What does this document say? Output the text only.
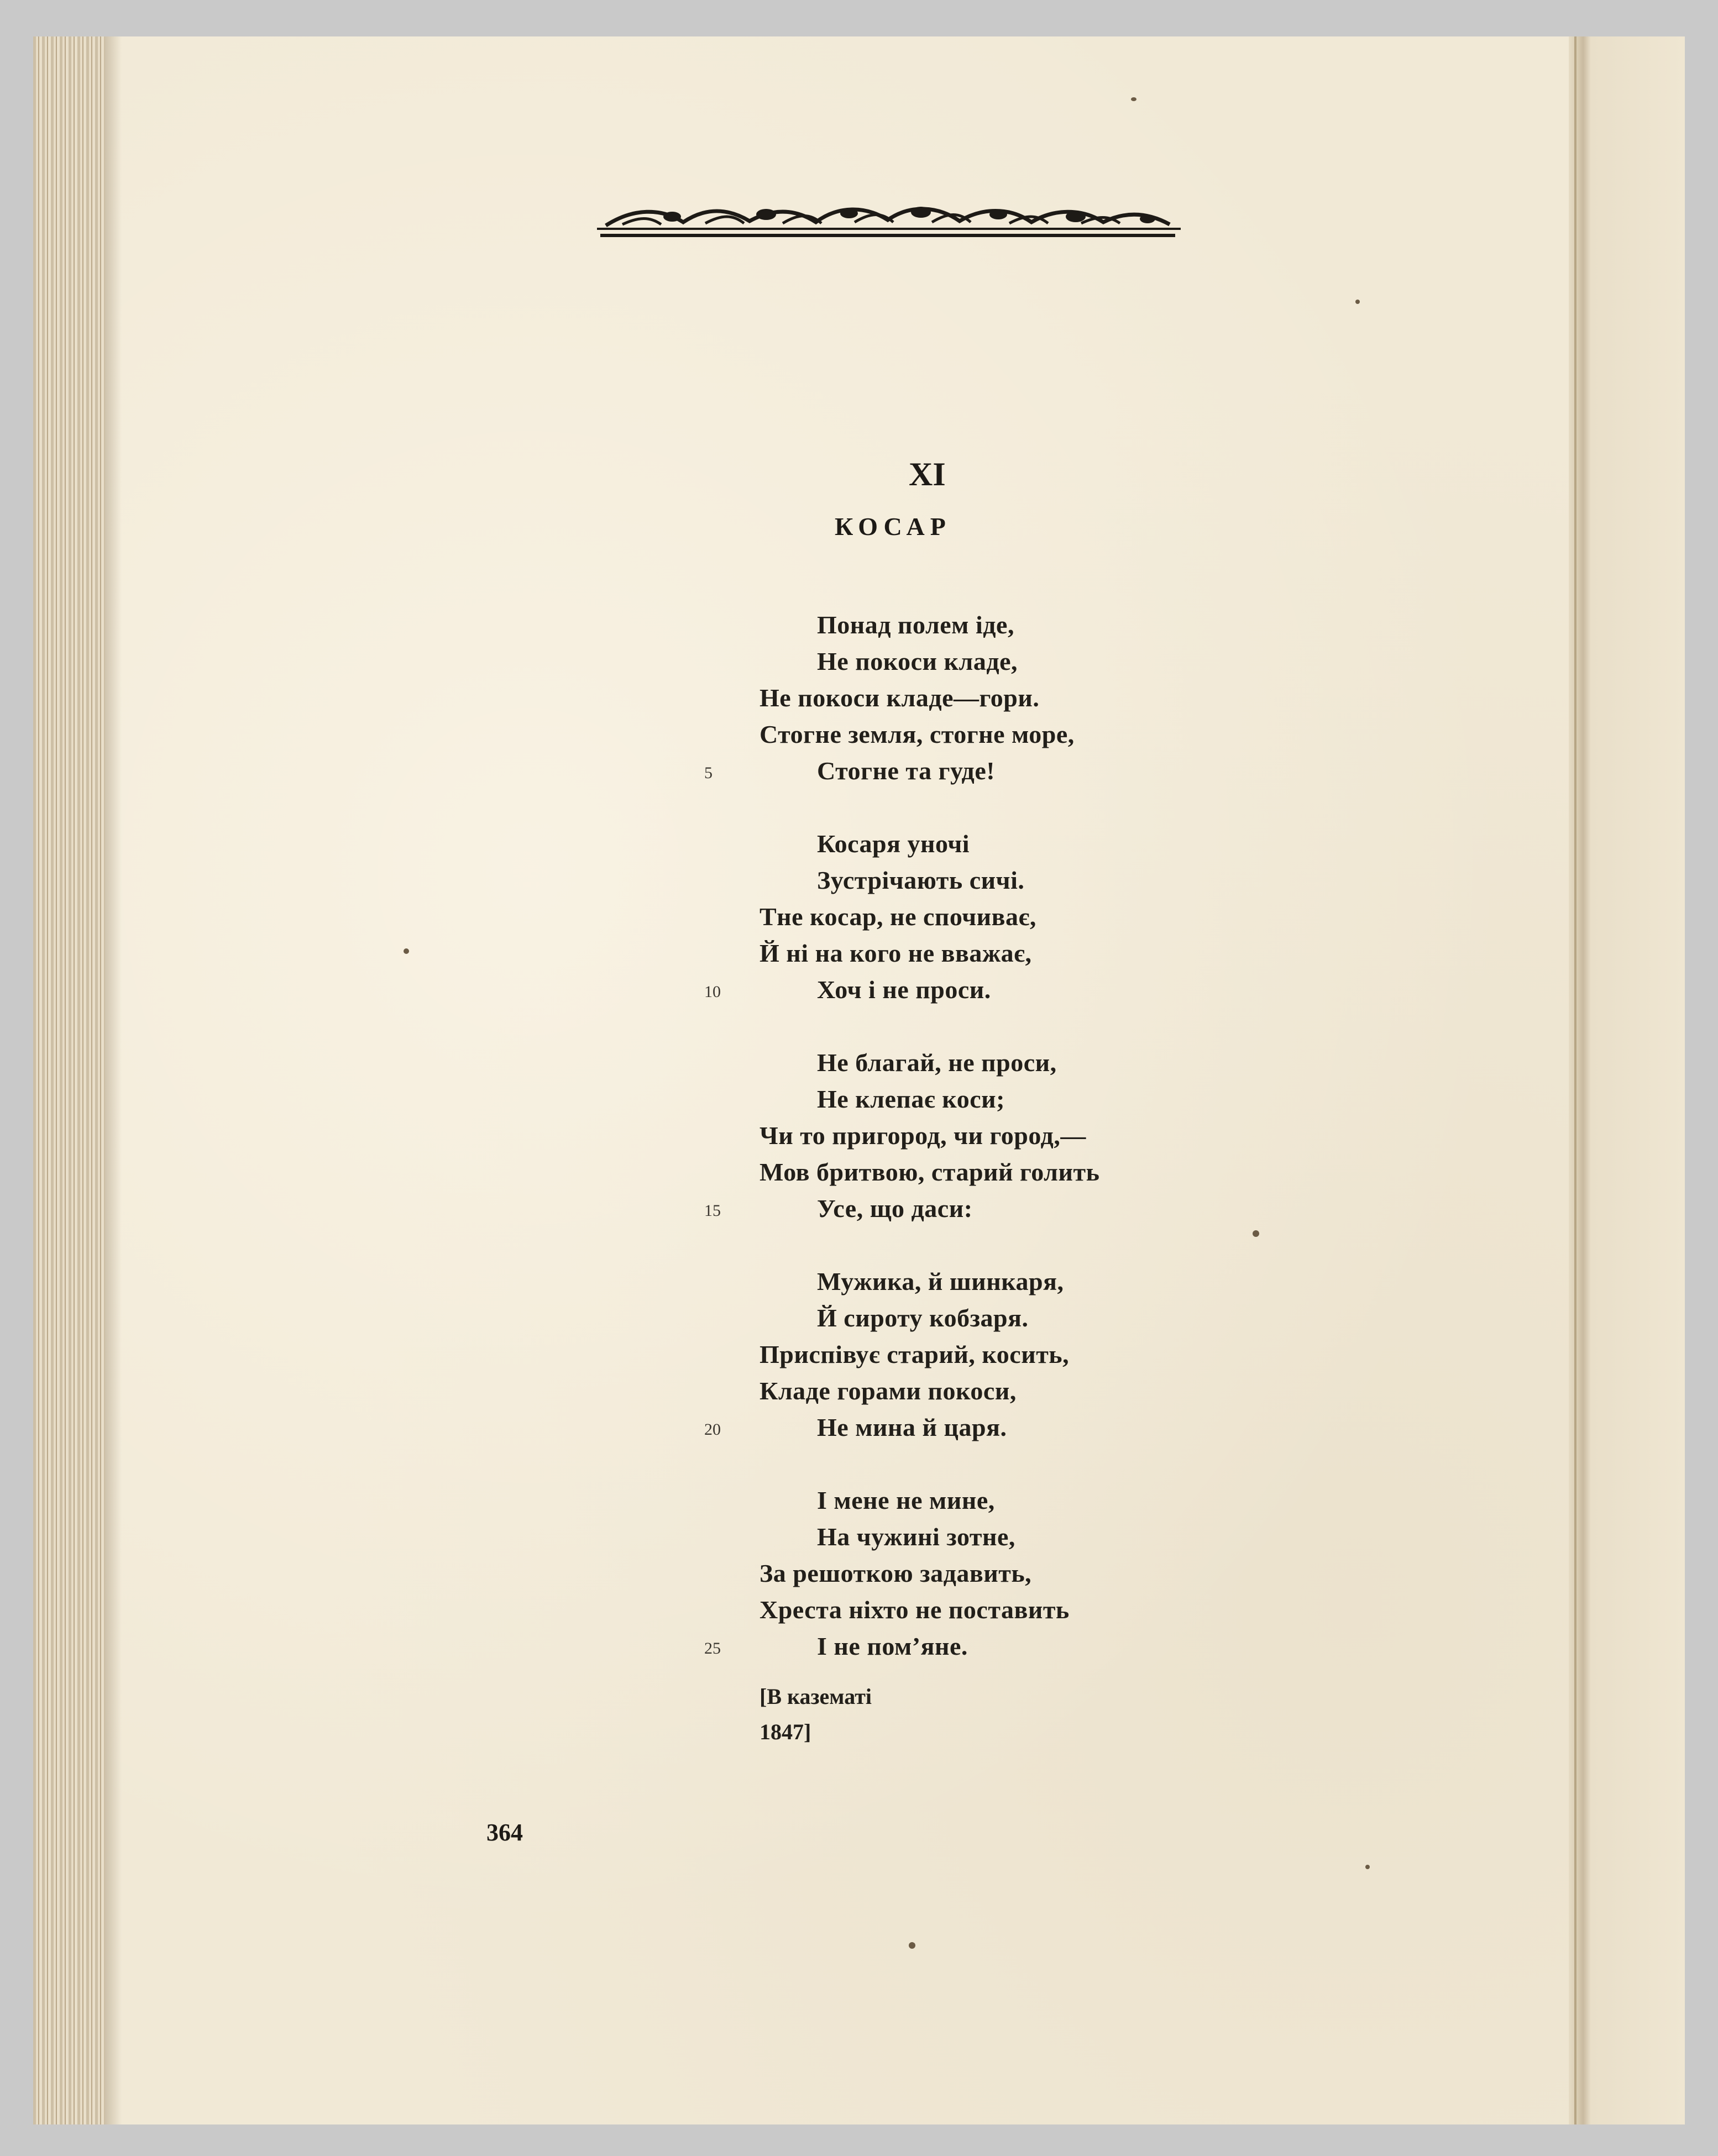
XI
КОСАР
Понад полем іде,
Не покоси кладе,
Не покоси кладе—гори.
Стогне земля, стогне море,
Стогне та гуде!
5
Косаря уночі
Зустрічають сичі.
Тне косар, не спочиває,
Й ні на кого не вважає,
Хоч і не проси.
10
Не благай, не проси,
Не клепає коси;
Чи то пригород, чи город,—
Мов бритвою, старий голить
Усе, що даси:
15
Мужика, й шинкаря,
Й сироту кобзаря.
Приспівує старий, косить,
Кладе горами покоси,
Не мина й царя.
20
І мене не мине,
На чужині зотне,
За решоткою задавить,
Хреста ніхто не поставить
І не пом’яне.
25
[В казематі
1847]
364
